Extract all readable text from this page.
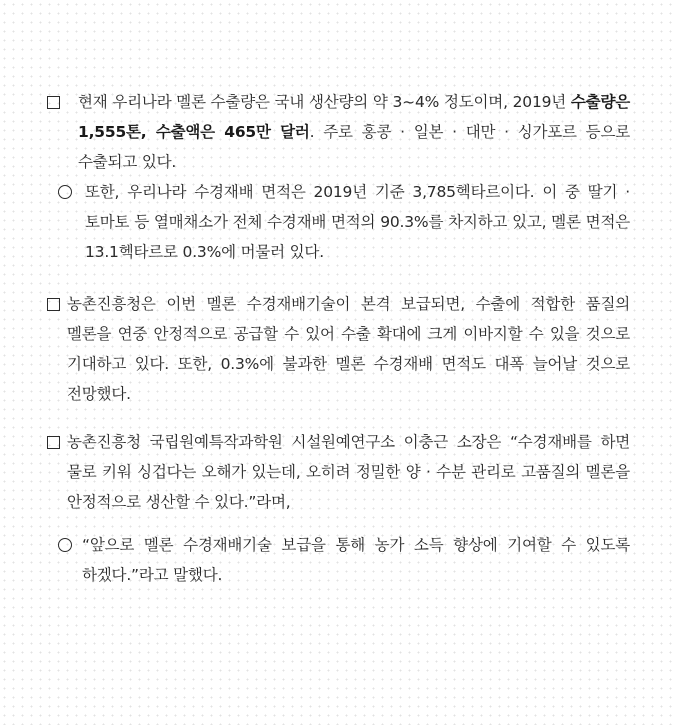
현재 우리나라 멜론 수출량은 국내 생산량의 약 3~4% 정도이며, 2019년 수출량은 1,555톤, 수출액은 465만 달러. 주로 홍콩 · 일본 · 대만 · 싱가포르 등으로 수출되고 있다.
또한, 우리나라 수경재배 면적은 2019년 기준 3,785헥타르이다. 이 중 딸기 · 토마토 등 열매채소가 전체 수경재배 면적의 90.3%를 차지하고 있고, 멜론 면적은 13.1헥타르로 0.3%에 머물러 있다.
농촌진흥청은 이번 멜론 수경재배기술이 본격 보급되면, 수출에 적합한 품질의 멜론을 연중 안정적으로 공급할 수 있어 수출 확대에 크게 이바지할 수 있을 것으로 기대하고 있다. 또한, 0.3%에 불과한 멜론 수경재배 면적도 대폭 늘어날 것으로 전망했다.
농촌진흥청 국립원예특작과학원 시설원예연구소 이충근 소장은 “수경재배를 하면 물로 키워 싱겁다는 오해가 있는데, 오히려 정밀한 양 · 수분 관리로 고품질의 멜론을 안정적으로 생산할 수 있다.”라며,
“앞으로 멜론 수경재배기술 보급을 통해 농가 소득 향상에 기여할 수 있도록 하겠다.”라고 말했다.
